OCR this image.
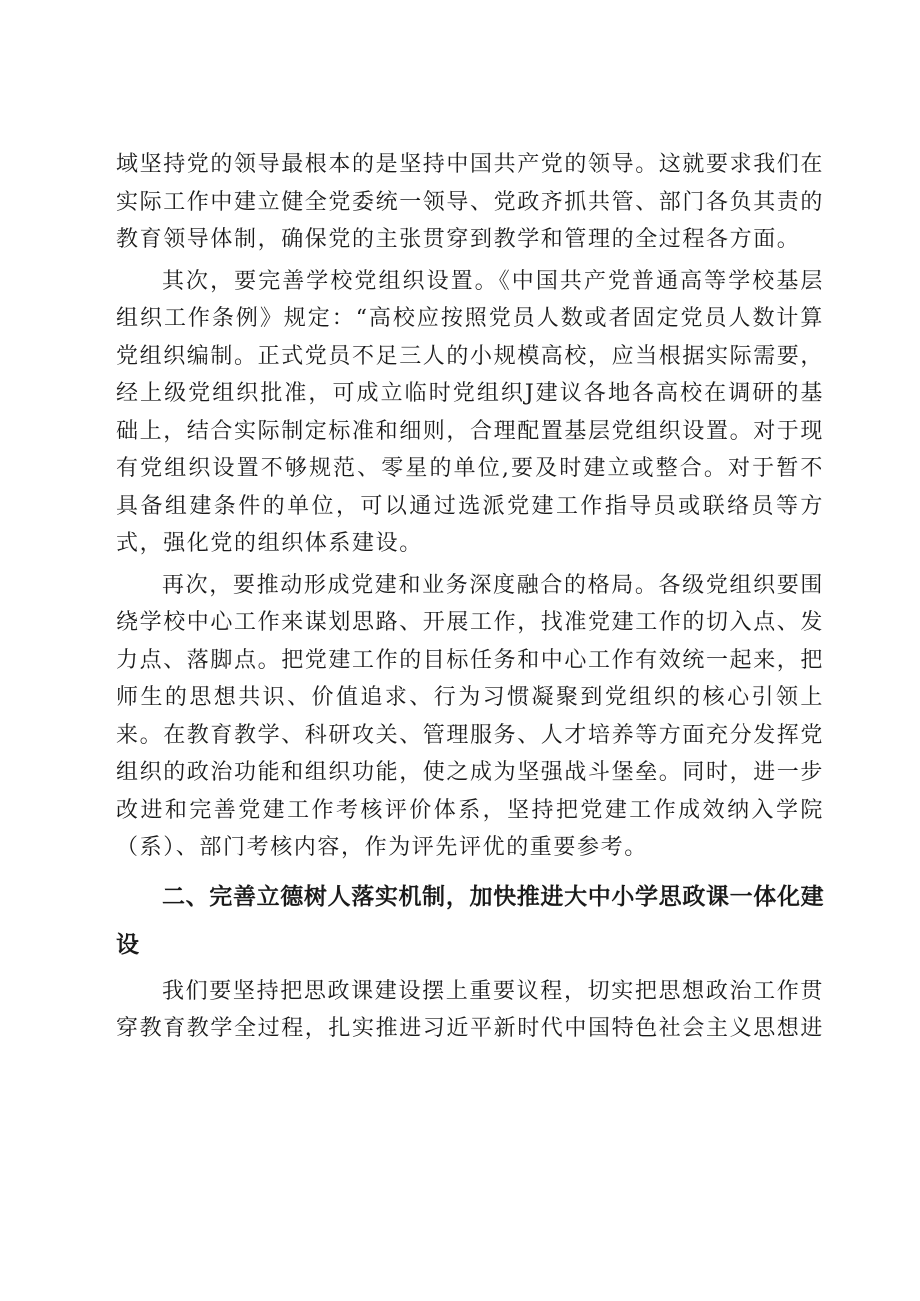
域坚持党的领导最根本的是坚持中国共产党的领导。这就要求我们在实际工作中建立健全党委统一领导、党政齐抓共管、部门各负其责的教育领导体制，确保党的主张贯穿到教学和管理的全过程各方面。

其次，要完善学校党组织设置。《中国共产党普通高等学校基层组织工作条例》规定：“高校应按照党员人数或者固定党员人数计算党组织编制。正式党员不足三人的小规模高校，应当根据实际需要，经上级党组织批准，可成立临时党组织J建议各地各高校在调研的基础上，结合实际制定标准和细则，合理配置基层党组织设置。对于现有党组织设置不够规范、零星的单位,要及时建立或整合。对于暂不具备组建条件的单位，可以通过选派党建工作指导员或联络员等方式，强化党的组织体系建设。

再次，要推动形成党建和业务深度融合的格局。各级党组织要围绕学校中心工作来谋划思路、开展工作，找准党建工作的切入点、发力点、落脚点。把党建工作的目标任务和中心工作有效统一起来，把师生的思想共识、价值追求、行为习惯凝聚到党组织的核心引领上来。在教育教学、科研攻关、管理服务、人才培养等方面充分发挥党组织的政治功能和组织功能，使之成为坚强战斗堡垒。同时，进一步改进和完善党建工作考核评价体系，坚持把党建工作成效纳入学院（系）、部门考核内容，作为评先评优的重要参考。

二、完善立德树人落实机制，加快推进大中小学思政课一体化建设

我们要坚持把思政课建设摆上重要议程，切实把思想政治工作贯穿教育教学全过程，扎实推进习近平新时代中国特色社会主义思想进
